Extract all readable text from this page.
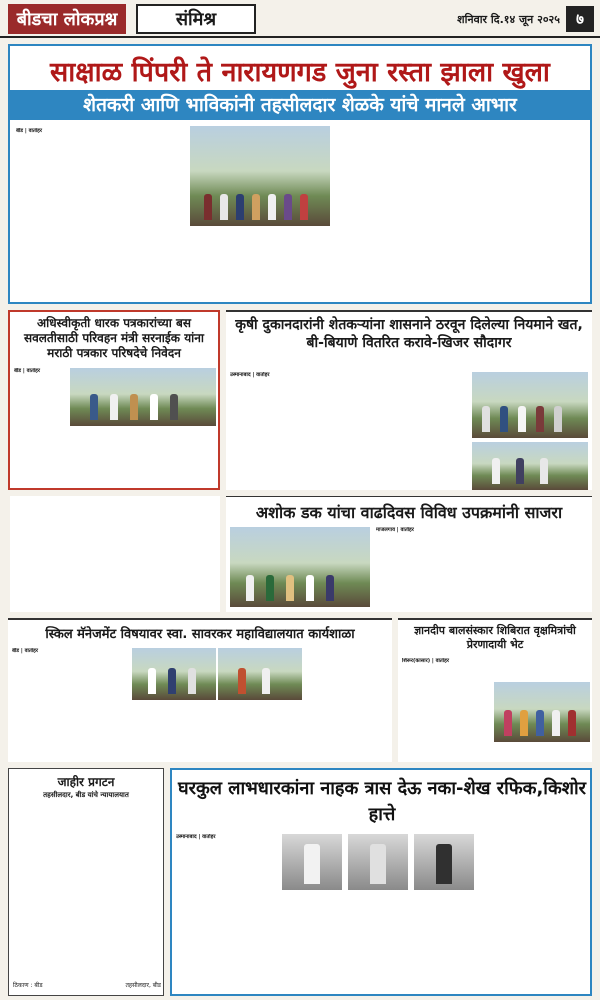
बीडचा लोकप्रश्न	संमिश्र	शनिवार दि.१४ जून २०२५	७
साक्षाळ पिंपरी ते नारायणगड जुना रस्ता झाला खुला
शेतकरी आणि भाविकांनी तहसीलदार शेळके यांचे मानले आभार
बीड | वार्ताहर
अधिस्वीकृती धारक पत्रकारांच्या बस सवलतीसाठी परिवहन मंत्री सरनाईक यांना मराठी पत्रकार परिषदेचे निवेदन
बीड | वार्ताहर
कृषी दुकानदारांनी शेतकऱ्यांना शासनाने ठरवून दिलेल्या नियमाने खत, बी-बियाणे वितरित करावे-खिजर सौदागर
उस्मानाबाद | वार्ताहर
अशोक डक यांचा वाढदिवस विविध उपक्रमांनी साजरा
माजलगाव | वार्ताहर
स्किल मॅनेजमेंट विषयावर स्वा. सावरकर महाविद्यालयात कार्यशाळा
बीड | वार्ताहर
ज्ञानदीप बालसंस्कार शिबिरात वृक्षमित्रांची प्रेरणादायी भेट
शिरूर(कासार) | वार्ताहर
जाहीर प्रगटन
तहसीलदार, बीड यांचे न्यायालयात
ठिकाण : बीड	तहसीलदार, बीड
घरकुल लाभधारकांना नाहक त्रास देऊ नका-शेख रफिक,किशोर हात्ते
उस्मानाबाद | वार्ताहर
